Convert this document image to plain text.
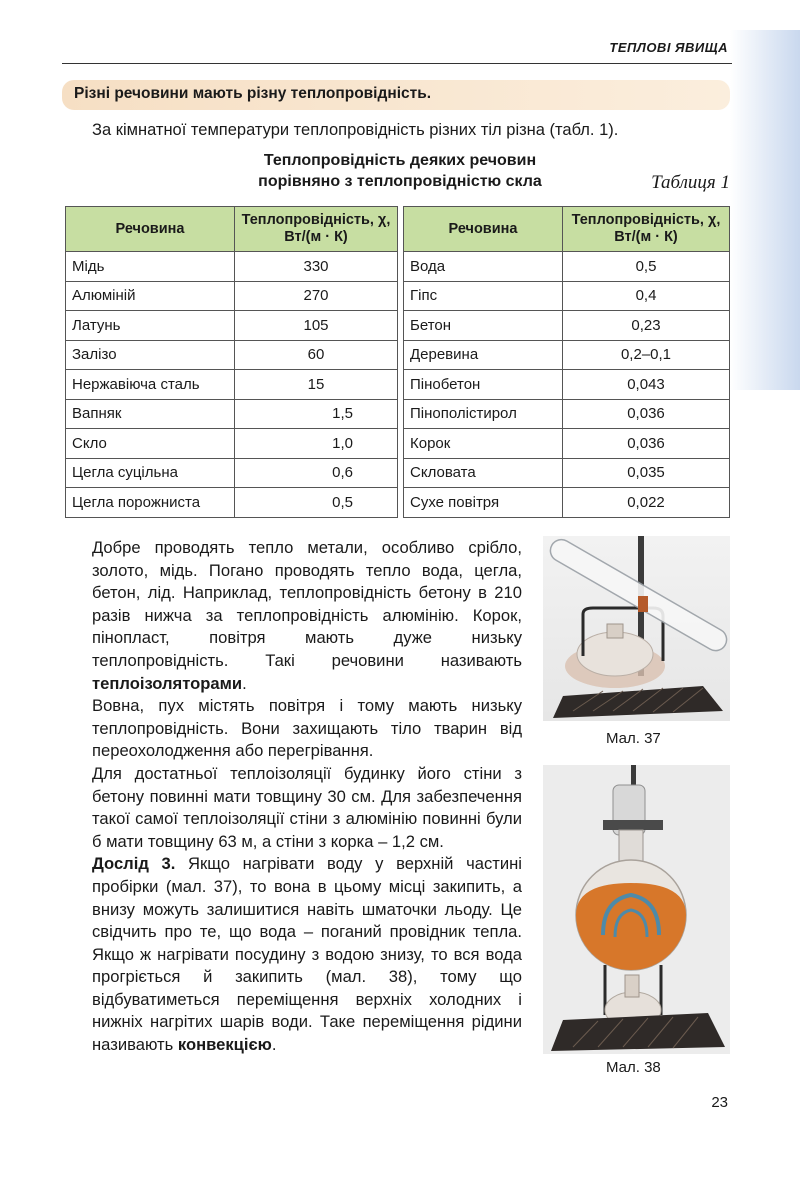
ТЕПЛОВІ ЯВИЩА
Різні речовини мають різну теплопровідність.
За кімнатної температури теплопровідність різних тіл різна (табл. 1).
Теплопровідність деяких речовин
порівняно з теплопровідністю скла	Таблиця 1
Речовина	Теплопровідність, χ, Вт/(м · К)
Мідь	330
Алюміній	270
Латунь	105
Залізо	60
Нержавіюча сталь	15
Вапняк	1,5
Скло	1,0
Цегла суцільна	0,6
Цегла порожниста	0,5
Речовина	Теплопровідність, χ, Вт/(м · К)
Вода	0,5
Гіпс	0,4
Бетон	0,23
Деревина	0,2–0,1
Пінобетон	0,043
Пінополістирол	0,036
Корок	0,036
Скловата	0,035
Сухе повітря	0,022

Добре проводять тепло метали, особливо срібло, золото, мідь. Погано проводять тепло вода, цегла, бетон, лід. Наприклад, теплопровідність бетону в 210 разів нижча за теплопровідність алюмінію. Корок, пінопласт, повітря мають дуже низьку теплопровідність. Такі речовини називають теплоізоляторами.

Вовна, пух містять повітря і тому мають низьку теплопровідність. Вони захищають тіло тварин від переохолодження або перегрівання.

Для достатньої теплоізоляції будинку його стіни з бетону повинні мати товщину 30 см. Для забезпечення такої самої теплоізоляції стіни з алюмінію повинні були б мати товщину 63 м, а стіни з корка – 1,2 см.

Дослід 3. Якщо нагрівати воду у верхній частині пробірки (мал. 37), то вона в цьому місці закипить, а внизу можуть залишитися навіть шматочки льоду. Це свідчить про те, що вода – поганий провідник тепла. Якщо ж нагрівати посудину з водою знизу, то вся вода прогріється й закипить (мал. 38), тому що відбуватиметься переміщення верхніх холодних і нижніх нагрітих шарів води. Таке переміщення рідини називають конвекцією.

Мал. 37
Мал. 38
23
